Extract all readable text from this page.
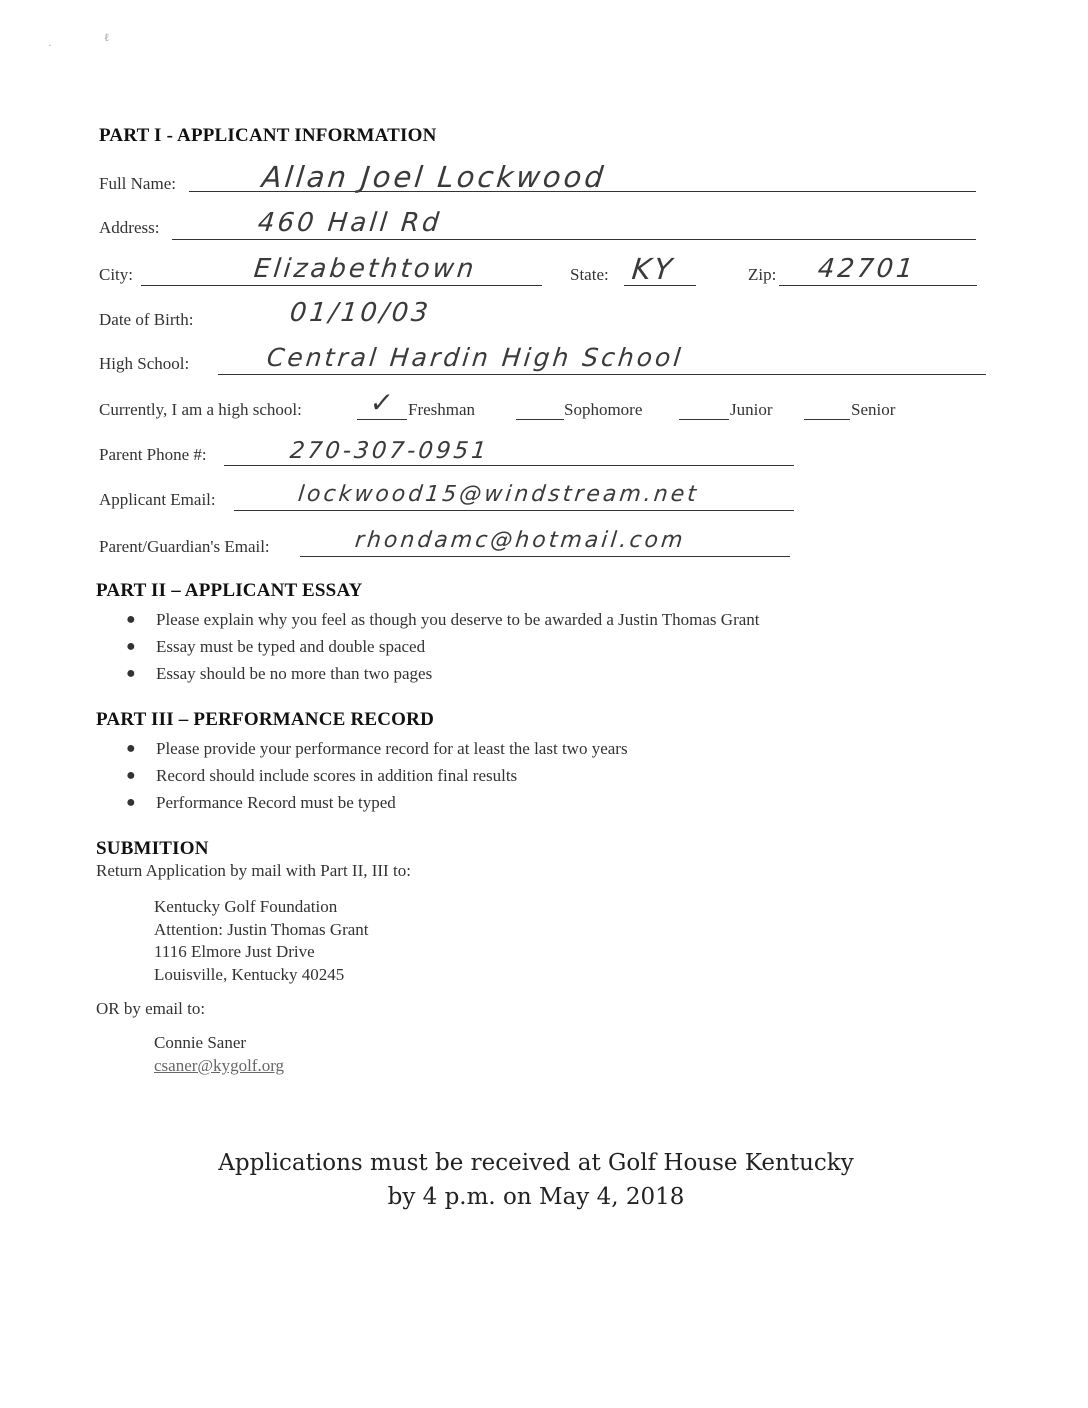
ℓ
·
PART I - APPLICANT INFORMATION
Full Name:	Allan Joel Lockwood
Address:	460 Hall Rd
City:	Elizabethtown	State: KY	Zip: 42701
Date of Birth:	01/10/03
High School:	Central Hardin High School
Currently, I am a high school: ✓ Freshman	Sophomore	Junior	Senior
Parent Phone #:	270-307-0951
Applicant Email:	lockwood15@windstream.net
Parent/Guardian's Email:	rhondamc@hotmail.com
PART II – APPLICANT ESSAY
● Please explain why you feel as though you deserve to be awarded a Justin Thomas Grant
● Essay must be typed and double spaced
● Essay should be no more than two pages
PART III – PERFORMANCE RECORD
● Please provide your performance record for at least the last two years
● Record should include scores in addition final results
● Performance Record must be typed
SUBMITION
Return Application by mail with Part II, III to:
Kentucky Golf Foundation
Attention: Justin Thomas Grant
1116 Elmore Just Drive
Louisville, Kentucky 40245
OR by email to:
Connie Saner
csaner@kygolf.org
Applications must be received at Golf House Kentucky
by 4 p.m. on May 4, 2018
